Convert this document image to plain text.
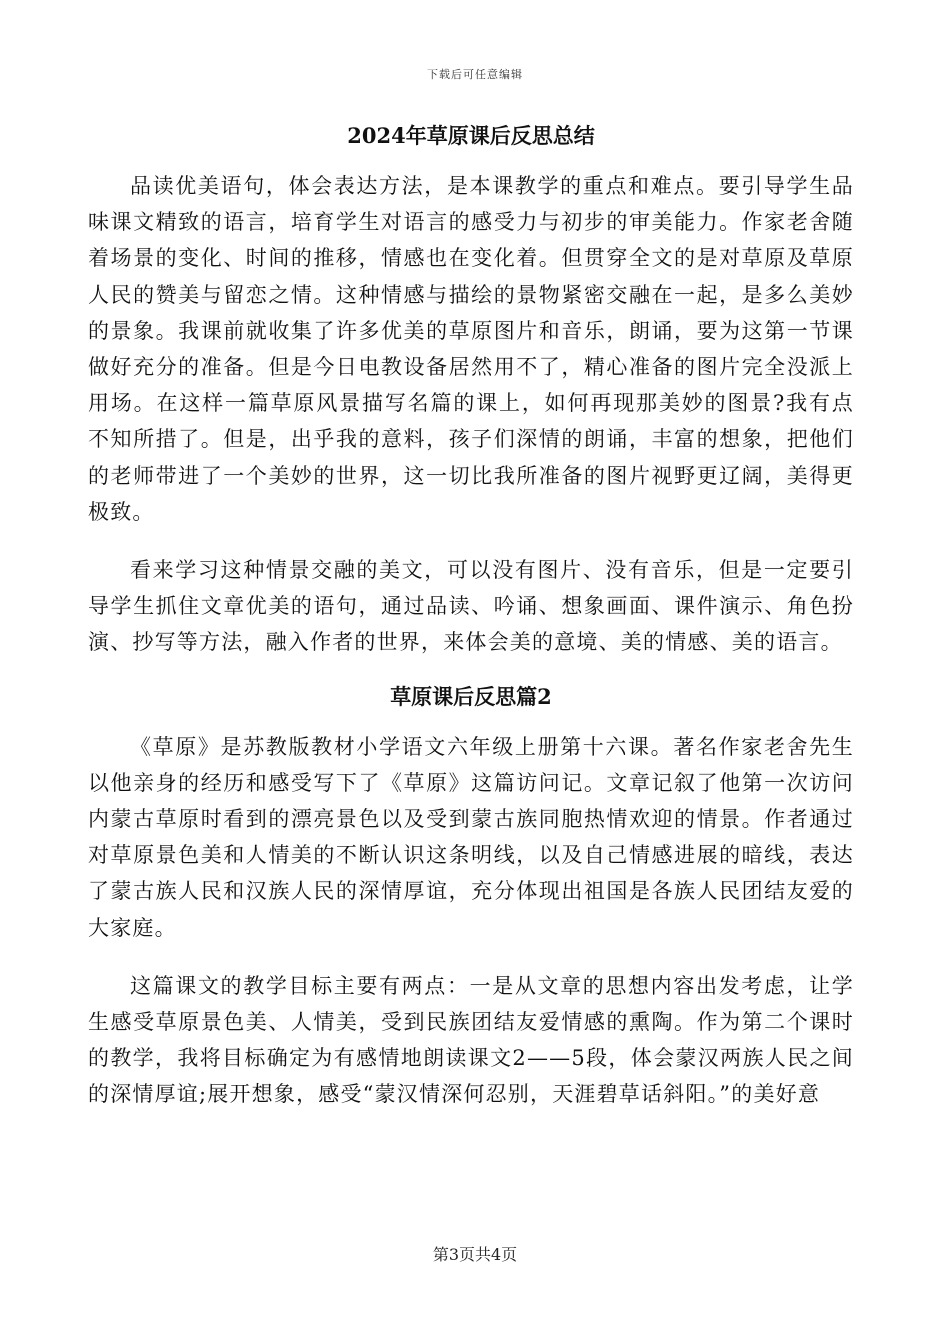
下载后可任意编辑
2024年草原课后反思总结

品读优美语句，体会表达方法，是本课教学的重点和难点。要引导学生品味课文精致的语言，培育学生对语言的感受力与初步的审美能力。作家老舍随着场景的变化、时间的推移，情感也在变化着。但贯穿全文的是对草原及草原人民的赞美与留恋之情。这种情感与描绘的景物紧密交融在一起，是多么美妙的景象。我课前就收集了许多优美的草原图片和音乐，朗诵，要为这第一节课做好充分的准备。但是今日电教设备居然用不了，精心准备的图片完全没派上用场。在这样一篇草原风景描写名篇的课上，如何再现那美妙的图景?我有点不知所措了。但是，出乎我的意料，孩子们深情的朗诵，丰富的想象，把他们的老师带进了一个美妙的世界，这一切比我所准备的图片视野更辽阔，美得更极致。

看来学习这种情景交融的美文，可以没有图片、没有音乐，但是一定要引导学生抓住文章优美的语句，通过品读、吟诵、想象画面、课件演示、角色扮演、抄写等方法，融入作者的世界，来体会美的意境、美的情感、美的语言。

草原课后反思篇2

《草原》是苏教版教材小学语文六年级上册第十六课。著名作家老舍先生以他亲身的经历和感受写下了《草原》这篇访问记。文章记叙了他第一次访问内蒙古草原时看到的漂亮景色以及受到蒙古族同胞热情欢迎的情景。作者通过对草原景色美和人情美的不断认识这条明线，以及自己情感进展的暗线，表达了蒙古族人民和汉族人民的深情厚谊，充分体现出祖国是各族人民团结友爱的大家庭。

这篇课文的教学目标主要有两点：一是从文章的思想内容出发考虑，让学生感受草原景色美、人情美，受到民族团结友爱情感的熏陶。作为第二个课时的教学，我将目标确定为有感情地朗读课文2——5段，体会蒙汉两族人民之间的深情厚谊;展开想象，感受“蒙汉情深何忍别，天涯碧草话斜阳。”的美好意

第3页共4页
